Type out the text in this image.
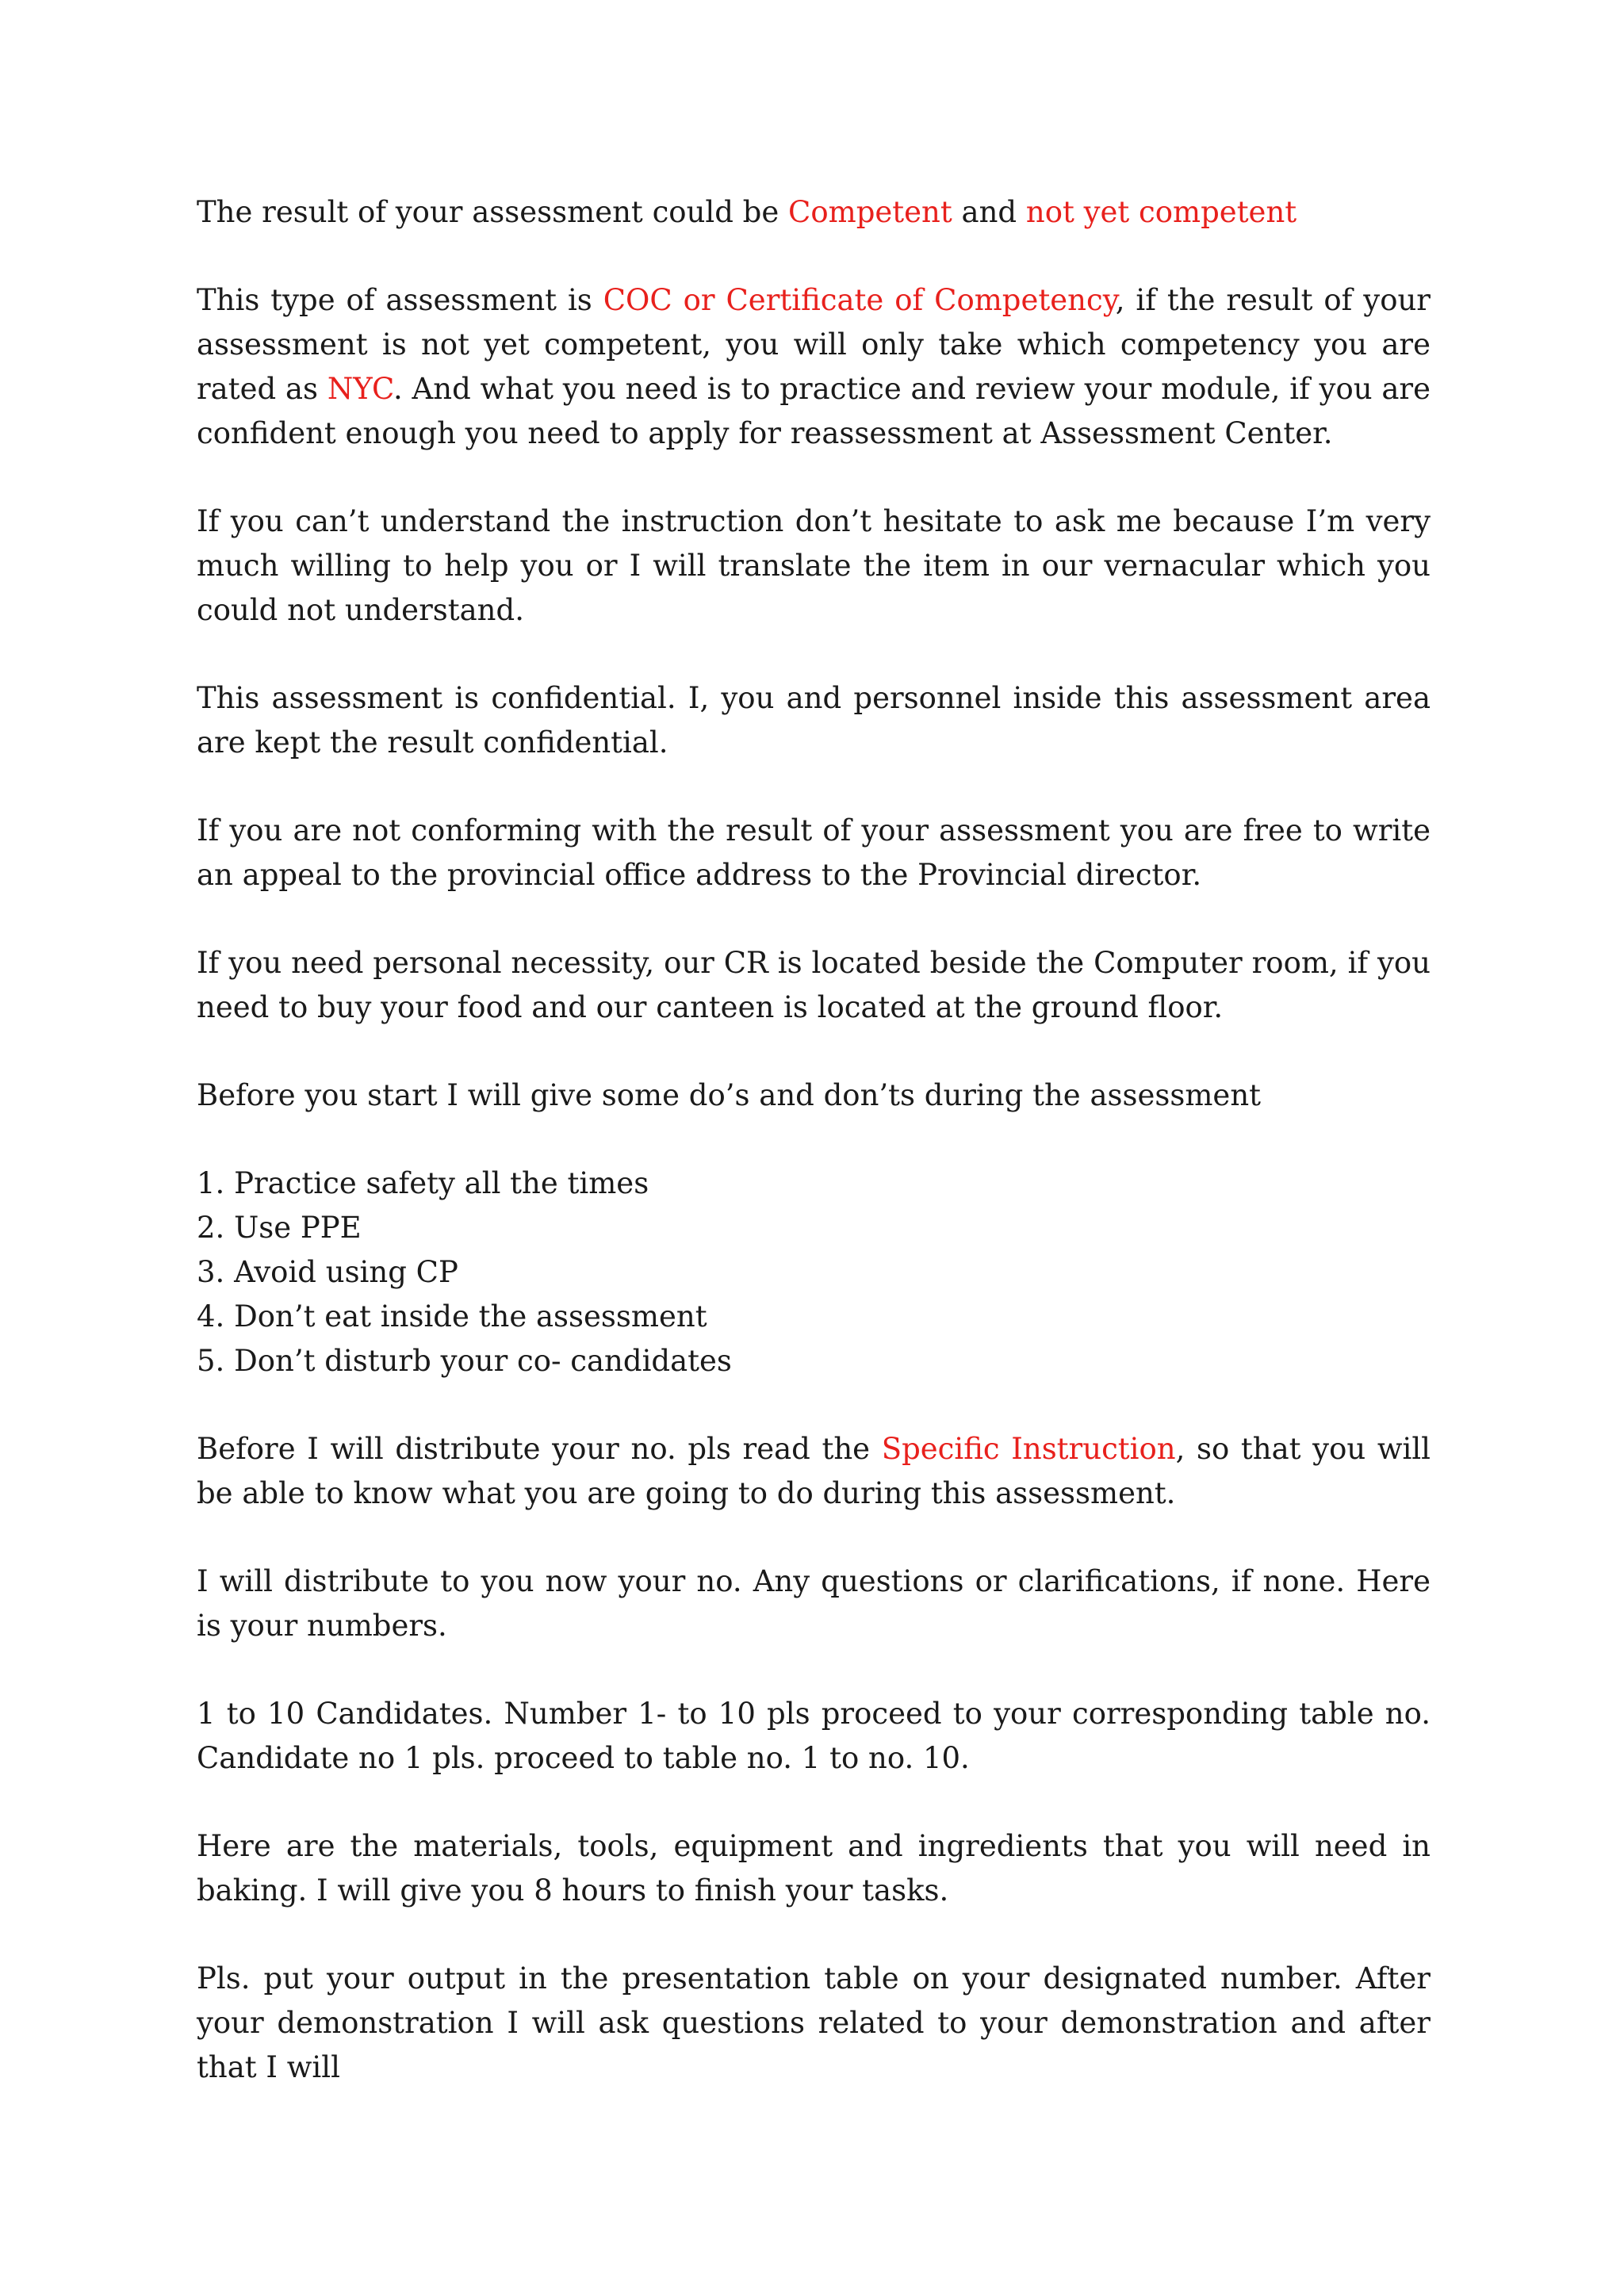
The result of your assessment could be Competent and not yet competent

This type of assessment is COC or Certificate of Competency, if the result of your assessment is not yet competent, you will only take which competency you are rated as NYC. And what you need is to practice and review your module, if you are confident enough you need to apply for reassessment at Assessment Center.

If you can’t understand the instruction don’t hesitate to ask me because I’m very much willing to help you or I will translate the item in our vernacular which you could not understand.

This assessment is confidential. I, you and personnel inside this assessment area are kept the result confidential.

If you are not conforming with the result of your assessment you are free to write an appeal to the provincial office address to the Provincial director.

If you need personal necessity, our CR is located beside the Computer room, if you need to buy your food and our canteen is located at the ground floor.

Before you start I will give some do’s and don’ts during the assessment

1. Practice safety all the times
2. Use PPE
3. Avoid using CP
4. Don’t eat inside the assessment
5. Don’t disturb your co- candidates

Before I will distribute your no. pls read the Specific Instruction, so that you will be able to know what you are going to do during this assessment.

I will distribute to you now your no. Any questions or clarifications, if none. Here is your numbers.

1 to 10 Candidates. Number 1- to 10 pls proceed to your corresponding table no. Candidate no 1 pls. proceed to table no. 1 to no. 10.

Here are the materials, tools, equipment and ingredients that you will need in baking. I will give you 8 hours to finish your tasks.

Pls. put your output in the presentation table on your designated number. After your demonstration I will ask questions related to your demonstration and after that I will
